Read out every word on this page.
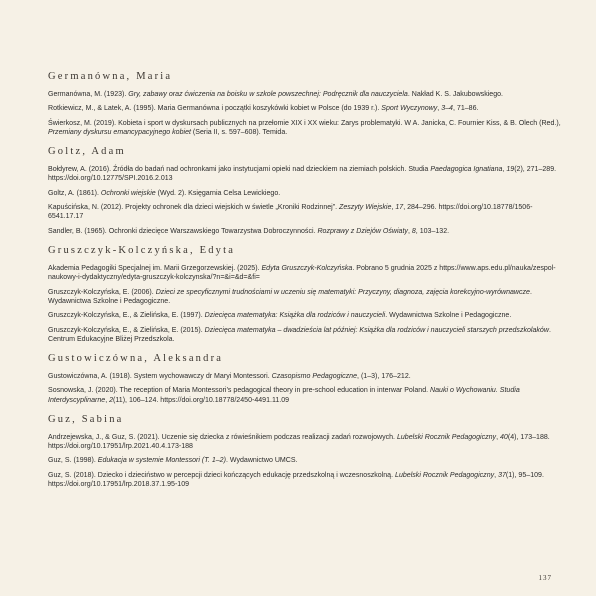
Germanówna, Maria
Germanówna, M. (1923). Gry, zabawy oraz ćwiczenia na boisku w szkole powszechnej: Podręcznik dla nauczyciela. Nakład K. S. Jakubowskiego.
Rotkiewicz, M., & Latek, A. (1995). Maria Germanówna i początki koszykówki kobiet w Polsce (do 1939 r.). Sport Wyczynowy, 3–4, 71–86.
Świerkosz, M. (2019). Kobieta i sport w dyskursach publicznych na przełomie XIX i XX wieku: Zarys problematyki. W A. Janicka, C. Fournier Kiss, & B. Olech (Red.), Przemiany dyskursu emancypacyjnego kobiet (Seria II, s. 597–608). Temida.
Goltz, Adam
Bołdyrew, A. (2016). Źródła do badań nad ochronkami jako instytucjami opieki nad dzieckiem na ziemiach polskich. Studia Paedagogica Ignatiana, 19(2), 271–289. https://doi.org/10.12775/SPI.2016.2.013
Goltz, A. (1861). Ochronki wiejskie (Wyd. 2). Księgarnia Celsa Lewickiego.
Kapuścińska, N. (2012). Projekty ochronek dla dzieci wiejskich w świetle „Kroniki Rodzinnej”. Zeszyty Wiejskie, 17, 284–296. https://doi.org/10.18778/1506-6541.17.17
Sandler, B. (1965). Ochronki dziecięce Warszawskiego Towarzystwa Dobroczynności. Rozprawy z Dziejów Oświaty, 8, 103–132.
Gruszczyk-Kolczyńska, Edyta
Akademia Pedagogiki Specjalnej im. Marii Grzegorzewskiej. (2025). Edyta Gruszczyk-Kolczyńska. Pobrano 5 grudnia 2025 z https://www.aps.edu.pl/nauka/zespol-naukowy-i-dydaktyczny/edyta-gruszczyk-kolczynska/?n=&i=&d=&fi=
Gruszczyk-Kolczyńska, E. (2006). Dzieci ze specyficznymi trudnościami w uczeniu się matematyki: Przyczyny, diagnoza, zajęcia korekcyjno-wyrównawcze. Wydawnictwa Szkolne i Pedagogiczne.
Gruszczyk-Kolczyńska, E., & Zielińska, E. (1997). Dziecięca matematyka: Książka dla rodziców i nauczycieli. Wydawnictwa Szkolne i Pedagogiczne.
Gruszczyk-Kolczyńska, E., & Zielińska, E. (2015). Dziecięca matematyka – dwadzieścia lat później: Książka dla rodziców i nauczycieli starszych przedszkolaków. Centrum Edukacyjne Bliżej Przedszkola.
Gustowiczówna, Aleksandra
Gustowiczówna, A. (1918). System wychowawczy dr Maryi Montessori. Czasopismo Pedagogiczne, (1–3), 176–212.
Sosnowska, J. (2020). The reception of Maria Montessori’s pedagogical theory in pre-school education in interwar Poland. Nauki o Wychowaniu. Studia Interdyscyplinarne, 2(11), 106–124. https://doi.org/10.18778/2450-4491.11.09
Guz, Sabina
Andrzejewska, J., & Guz, S. (2021). Uczenie się dziecka z rówieśnikiem podczas realizacji zadań rozwojowych. Lubelski Rocznik Pedagogiczny, 40(4), 173–188. https://doi.org/10.17951/lrp.2021.40.4.173-188
Guz, S. (1998). Edukacja w systemie Montessori (T. 1–2). Wydawnictwo UMCS.
Guz, S. (2018). Dziecko i dzieciństwo w percepcji dzieci kończących edukację przedszkolną i wczesnoszkolną. Lubelski Rocznik Pedagogiczny, 37(1), 95–109. https://doi.org/10.17951/lrp.2018.37.1.95-109
137
